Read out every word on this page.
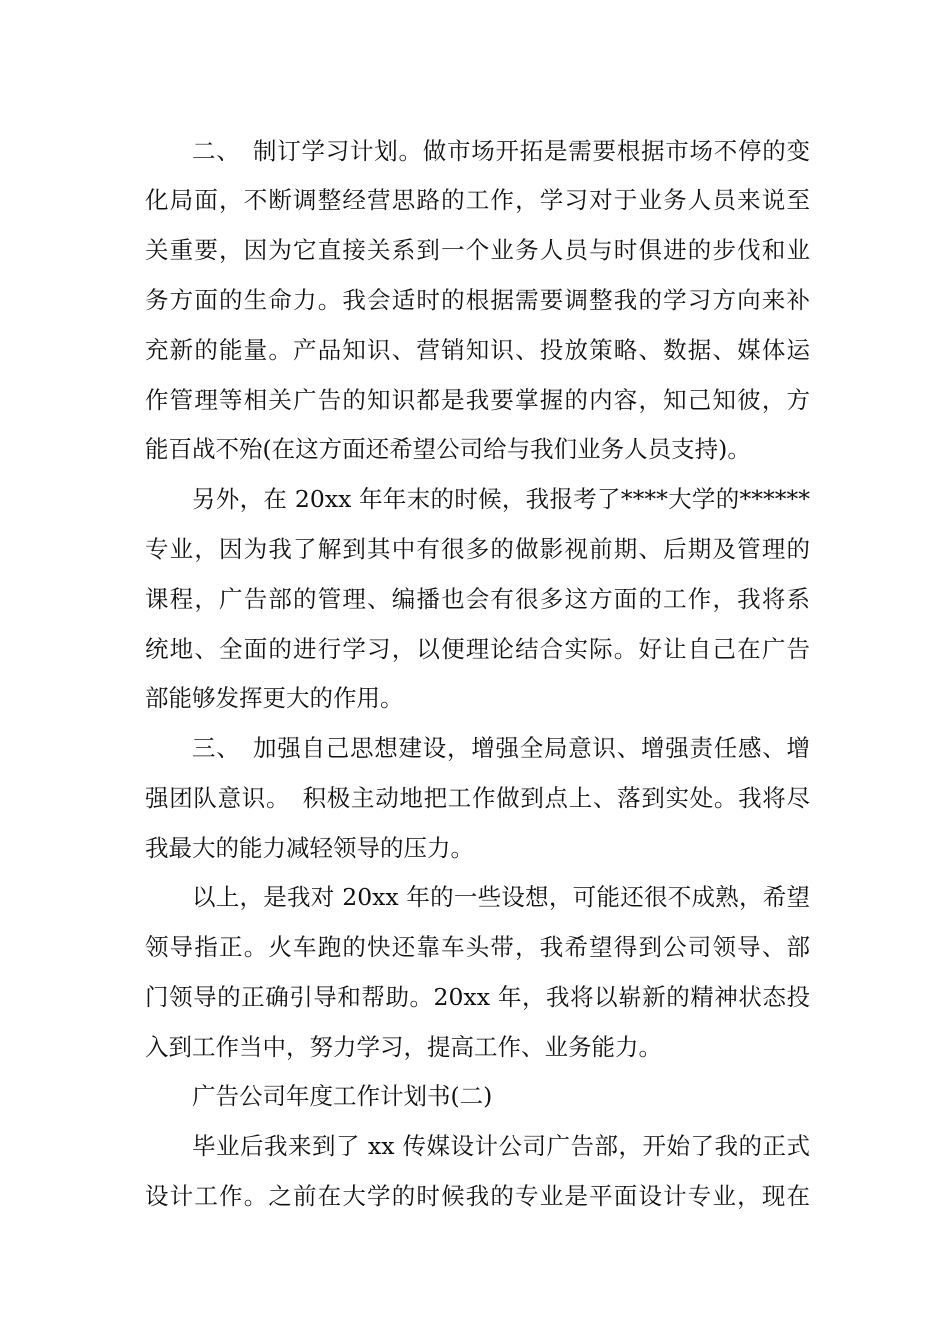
二、　制订学习计划。做市场开拓是需要根据市场不停的变
化局面，不断调整经营思路的工作，学习对于业务人员来说至
关重要，因为它直接关系到一个业务人员与时俱进的步伐和业
务方面的生命力。我会适时的根据需要调整我的学习方向来补
充新的能量。产品知识、营销知识、投放策略、数据、媒体运
作管理等相关广告的知识都是我要掌握的内容，知己知彼，方
能百战不殆(在这方面还希望公司给与我们业务人员支持)。
另外，在 20xx 年年末的时候，我报考了****大学的******
专业，因为我了解到其中有很多的做影视前期、后期及管理的
课程，广告部的管理、编播也会有很多这方面的工作，我将系
统地、全面的进行学习，以便理论结合实际。好让自己在广告
部能够发挥更大的作用。
三、　加强自己思想建设，增强全局意识、增强责任感、增
强团队意识。　积极主动地把工作做到点上、落到实处。我将尽
我最大的能力减轻领导的压力。
以上，是我对 20xx 年的一些设想，可能还很不成熟，希望
领导指正。火车跑的快还靠车头带，我希望得到公司领导、部
门领导的正确引导和帮助。20xx 年，我将以崭新的精神状态投
入到工作当中，努力学习，提高工作、业务能力。
广告公司年度工作计划书(二)
毕业后我来到了 xx 传媒设计公司广告部，开始了我的正式
设计工作。之前在大学的时候我的专业是平面设计专业，现在
